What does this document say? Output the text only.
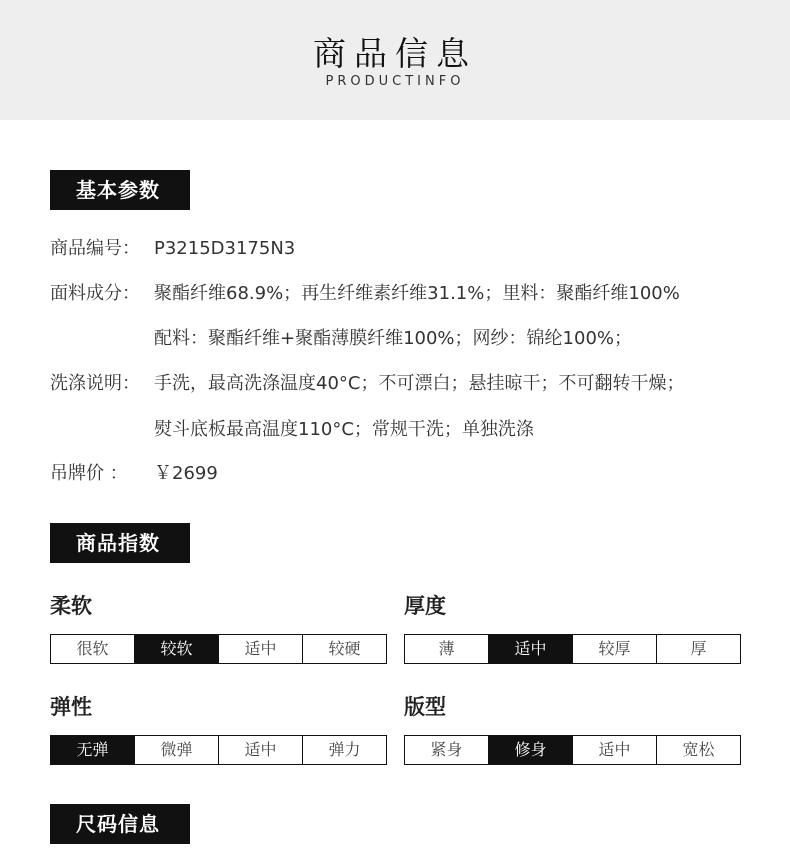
商品信息
PRODUCTINFO
基本参数
商品编号： P3215D3175N3
面料成分： 聚酯纤维68.9%；再生纤维素纤维31.1%；里料：聚酯纤维100%
配料：聚酯纤维+聚酯薄膜纤维100%；网纱：锦纶100%；
洗涤说明： 手洗，最高洗涤温度40°C；不可漂白；悬挂晾干；不可翻转干燥；
熨斗底板最高温度110°C；常规干洗；单独洗涤
吊牌价 ： ￥2699
商品指数
柔软
很软	较软	适中	较硬
厚度
薄	适中	较厚	厚
弹性
无弹	微弹	适中	弹力
版型
紧身	修身	适中	宽松
尺码信息
